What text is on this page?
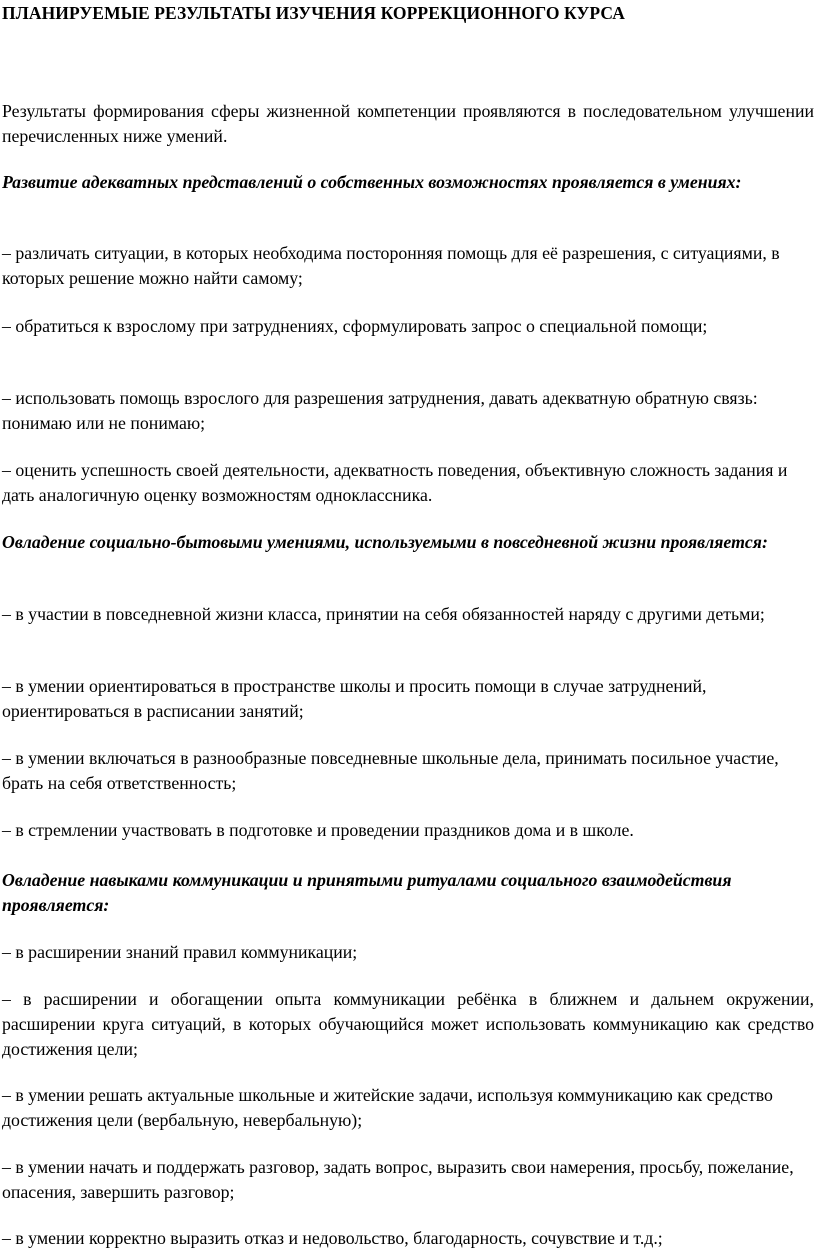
ПЛАНИРУЕМЫЕ РЕЗУЛЬТАТЫ ИЗУЧЕНИЯ КОРРЕКЦИОННОГО КУРСА

Результаты формирования сферы жизненной компетенции проявляются в последовательном улучшении перечисленных ниже умений.

Развитие адекватных представлений о собственных возможностях проявляется в умениях:

– различать ситуации, в которых необходима посторонняя помощь для её разрешения, с ситуациями, в которых решение можно найти самому;

– обратиться к взрослому при затруднениях, сформулировать запрос о специальной помощи;

– использовать помощь взрослого для разрешения затруднения, давать адекватную обратную связь: понимаю или не понимаю;

– оценить успешность своей деятельности, адекватность поведения, объективную сложность задания и дать аналогичную оценку возможностям одноклассника.

Овладение социально-бытовыми умениями, используемыми в повседневной жизни проявляется:

– в участии в повседневной жизни класса, принятии на себя обязанностей наряду с другими детьми;

– в умении ориентироваться в пространстве школы и просить помощи в случае затруднений, ориентироваться в расписании занятий;

– в умении включаться в разнообразные повседневные школьные дела, принимать посильное участие, брать на себя ответственность;

– в стремлении участвовать в подготовке и проведении праздников дома и в школе.

Овладение навыками коммуникации и принятыми ритуалами социального взаимодействия проявляется:

– в расширении знаний правил коммуникации;

– в расширении и обогащении опыта коммуникации ребёнка в ближнем и дальнем окружении, расширении круга ситуаций, в которых обучающийся может использовать коммуникацию как средство достижения цели;

– в умении решать актуальные школьные и житейские задачи, используя коммуникацию как средство достижения цели (вербальную, невербальную);

– в умении начать и поддержать разговор, задать вопрос, выразить свои намерения, просьбу, пожелание, опасения, завершить разговор;

– в умении корректно выразить отказ и недовольство, благодарность, сочувствие и т.д.;
